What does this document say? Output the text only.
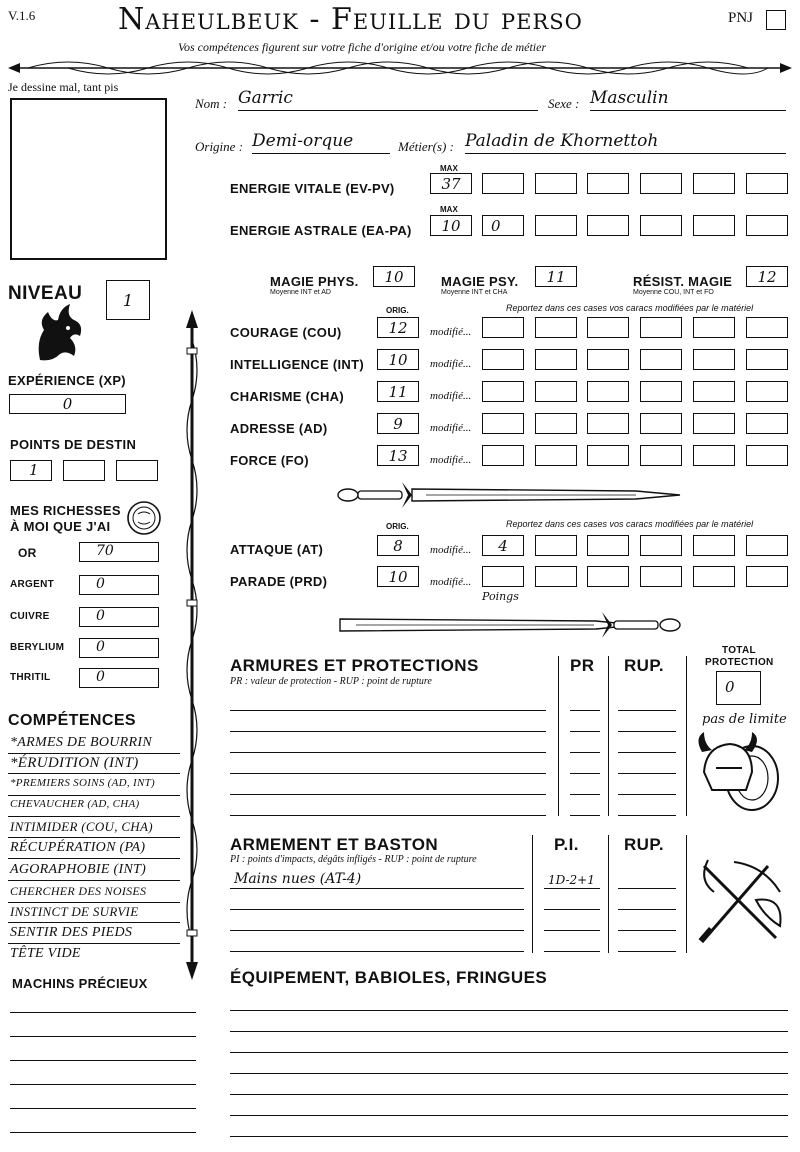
V.1.6	Naheulbeuk - Feuille du perso
Vos compétences figurent sur votre fiche d'origine et/ou votre fiche de métier
PNJ
Je dessine mal, tant pis
Nom : Garric	Sexe : Masculin
Origine : Demi-orque	Métier(s) : Paladin de Khornettoh
MAX
ENERGIE VITALE (EV-PV)	37
MAX
ENERGIE ASTRALE (EA-PA)	10	0
MAGIE PHYS.	10
Moyenne INT et AD
MAGIE PSY.	11
Moyenne INT et CHA
RÉSIST. MAGIE	12
Moyenne COU, INT et FO
ORIG.	Reportez dans ces cases vos caracs modifiées par le matériel
COURAGE (COU)	12	modifié...
INTELLIGENCE (INT)	10	modifié...
CHARISME (CHA)	11	modifié...
ADRESSE (AD)	9	modifié...
FORCE (FO)	13	modifié...
ORIG.	Reportez dans ces cases vos caracs modifiées par le matériel
ATTAQUE (AT)	8	modifié...	4
PARADE (PRD)	10	modifié...
Poings
NIVEAU	1
EXPÉRIENCE (XP)
0
POINTS DE DESTIN
1
MES RICHESSES
À MOI QUE J'AI
OR	70
ARGENT	0
CUIVRE	0
BERYLIUM	0
THRITIL	0
COMPÉTENCES
*ARMES DE BOURRIN
*ÉRUDITION (INT)
*PREMIERS SOINS (AD, INT)
CHEVAUCHER (AD, CHA)
INTIMIDER (COU, CHA)
RÉCUPÉRATION (PA)
AGORAPHOBIE (INT)
CHERCHER DES NOISES
INSTINCT DE SURVIE
SENTIR DES PIEDS
TÊTE VIDE
MACHINS PRÉCIEUX
ARMURES ET PROTECTIONS
PR : valeur de protection - RUP : point de rupture
PR RUP.
TOTAL
PROTECTION
0
pas de limite
ARMEMENT ET BASTON
PI : points d'impacts, dégâts infligés - RUP : point de rupture
P.I.	RUP.
Mains nues (AT-4)	1D-2+1
ÉQUIPEMENT, BABIOLES, FRINGUES
